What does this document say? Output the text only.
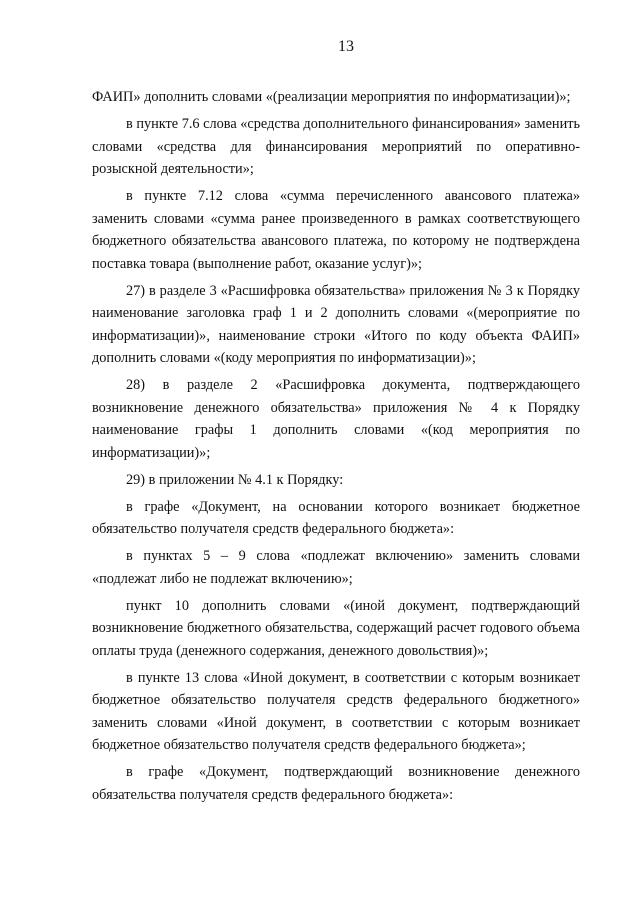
13

ФАИП» дополнить словами «(реализации мероприятия по информатизации)»;

в пункте 7.6 слова «средства дополнительного финансирования» заменить словами «средства для финансирования мероприятий по оперативно-розыскной деятельности»;

в пункте 7.12 слова «сумма перечисленного авансового платежа» заменить словами «сумма ранее произведенного в рамках соответствующего бюджетного обязательства авансового платежа, по которому не подтверждена поставка товара (выполнение работ, оказание услуг)»;

27) в разделе 3 «Расшифровка обязательства» приложения № 3 к Порядку наименование заголовка граф 1 и 2 дополнить словами «(мероприятие по информатизации)», наименование строки «Итого по коду объекта ФАИП» дополнить словами «(коду мероприятия по информатизации)»;

28) в разделе 2 «Расшифровка документа, подтверждающего возникновение денежного обязательства» приложения № 4 к Порядку наименование графы 1 дополнить словами «(код мероприятия по информатизации)»;

29) в приложении № 4.1 к Порядку:

в графе «Документ, на основании которого возникает бюджетное обязательство получателя средств федерального бюджета»:

в пунктах 5 – 9 слова «подлежат включению» заменить словами «подлежат либо не подлежат включению»;

пункт 10 дополнить словами «(иной документ, подтверждающий возникновение бюджетного обязательства, содержащий расчет годового объема оплаты труда (денежного содержания, денежного довольствия)»;

в пункте 13 слова «Иной документ, в соответствии с которым возникает бюджетное обязательство получателя средств федерального бюджетного» заменить словами «Иной документ, в соответствии с которым возникает бюджетное обязательство получателя средств федерального бюджета»;

в графе «Документ, подтверждающий возникновение денежного обязательства получателя средств федерального бюджета»:
